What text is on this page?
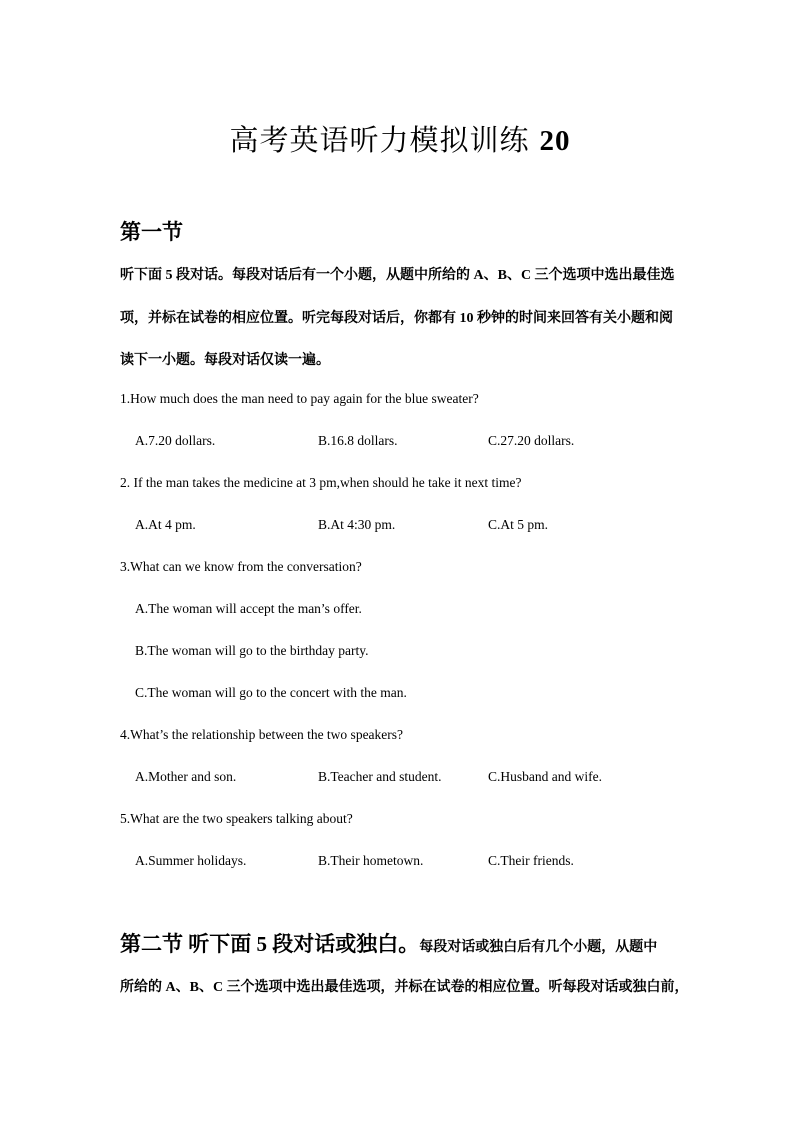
高考英语听力模拟训练 20
第一节
听下面 5 段对话。每段对话后有一个小题，从题中所给的 A、B、C 三个选项中选出最佳选
项，并标在试卷的相应位置。听完每段对话后，你都有 10 秒钟的时间来回答有关小题和阅
读下一小题。每段对话仅读一遍。
1.How much does the man need to pay again for the blue sweater?
A.7.20 dollars.	B.16.8 dollars.	C.27.20 dollars.
2. If the man takes the medicine at 3 pm,when should he take it next time?
A.At 4 pm.	B.At 4:30 pm.	C.At 5 pm.
3.What can we know from the conversation?
A.The woman will accept the man’s offer.
B.The woman will go to the birthday party.
C.The woman will go to the concert with the man.
4.What’s the relationship between the two speakers?
A.Mother and son.	B.Teacher and student.	C.Husband and wife.
5.What are the two speakers talking about?
A.Summer holidays.	B.Their hometown.	C.Their friends.
第二节 听下面 5 段对话或独白。每段对话或独白后有几个小题，从题中
所给的 A、B、C 三个选项中选出最佳选项，并标在试卷的相应位置。听每段对话或独白前，
